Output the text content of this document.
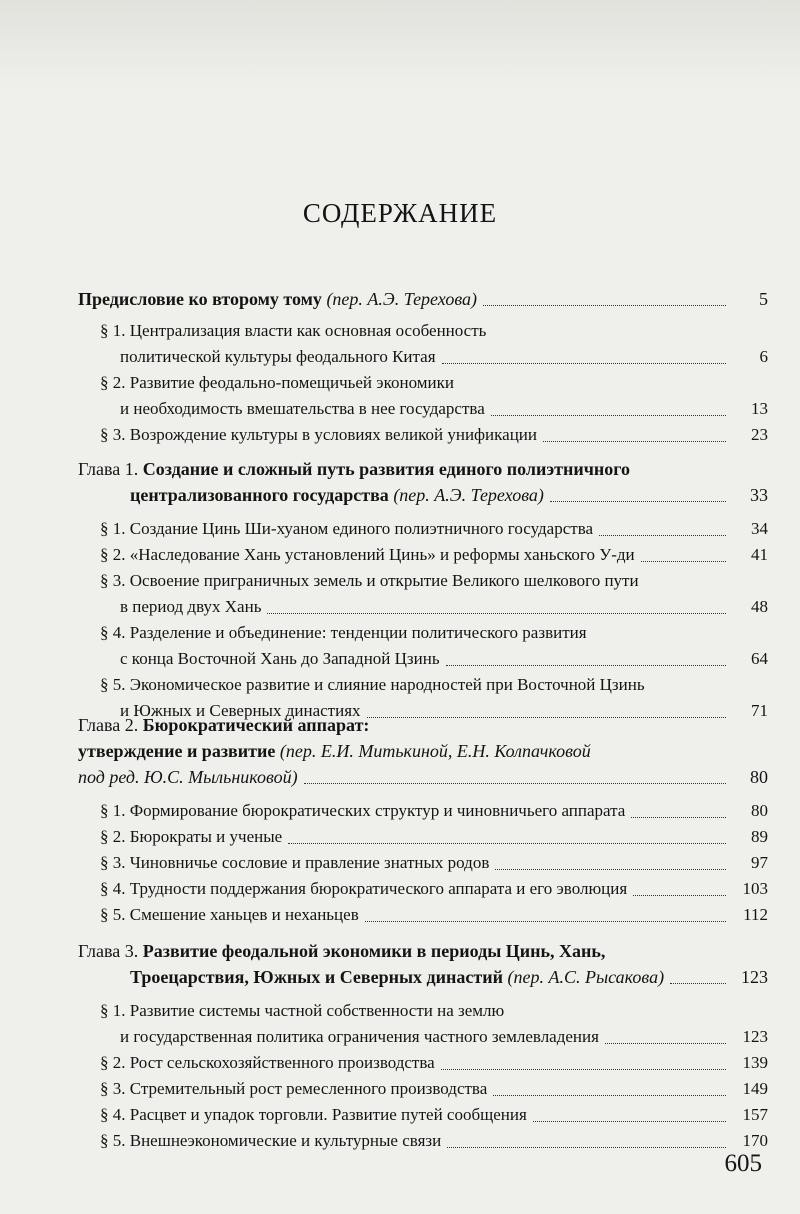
СОДЕРЖАНИЕ
Предисловие ко второму тому (пер. А.Э. Терехова)	5
§ 1. Централизация власти как основная особенность
политической культуры феодального Китая	6
§ 2. Развитие феодально-помещичьей экономики
и необходимость вмешательства в нее государства	13
§ 3. Возрождение культуры в условиях великой унификации	23
Глава 1. Создание и сложный путь развития единого полиэтничного
централизованного государства (пер. А.Э. Терехова)	33
§ 1. Создание Цинь Ши-хуаном единого полиэтничного государства	34
§ 2. «Наследование Хань установлений Цинь» и реформы ханьского У-ди	41
§ 3. Освоение приграничных земель и открытие Великого шелкового пути
в период двух Хань	48
§ 4. Разделение и объединение: тенденции политического развития
с конца Восточной Хань до Западной Цзинь	64
§ 5. Экономическое развитие и слияние народностей при Восточной Цзинь
и Южных и Северных династиях	71
Глава 2. Бюрократический аппарат:
утверждение и развитие (пер. Е.И. Митькиной, Е.Н. Колпачковой
под ред. Ю.С. Мыльниковой)	80
§ 1. Формирование бюрократических структур и чиновничьего аппарата	80
§ 2. Бюрократы и ученые	89
§ 3. Чиновничье сословие и правление знатных родов	97
§ 4. Трудности поддержания бюрократического аппарата и его эволюция	103
§ 5. Смешение ханьцев и неханьцев	112
Глава 3. Развитие феодальной экономики в периоды Цинь, Хань,
Троецарствия, Южных и Северных династий (пер. А.С. Рысакова)	123
§ 1. Развитие системы частной собственности на землю
и государственная политика ограничения частного землевладения	123
§ 2. Рост сельскохозяйственного производства	139
§ 3. Стремительный рост ремесленного производства	149
§ 4. Расцвет и упадок торговли. Развитие путей сообщения	157
§ 5. Внешнеэкономические и культурные связи	170
605
